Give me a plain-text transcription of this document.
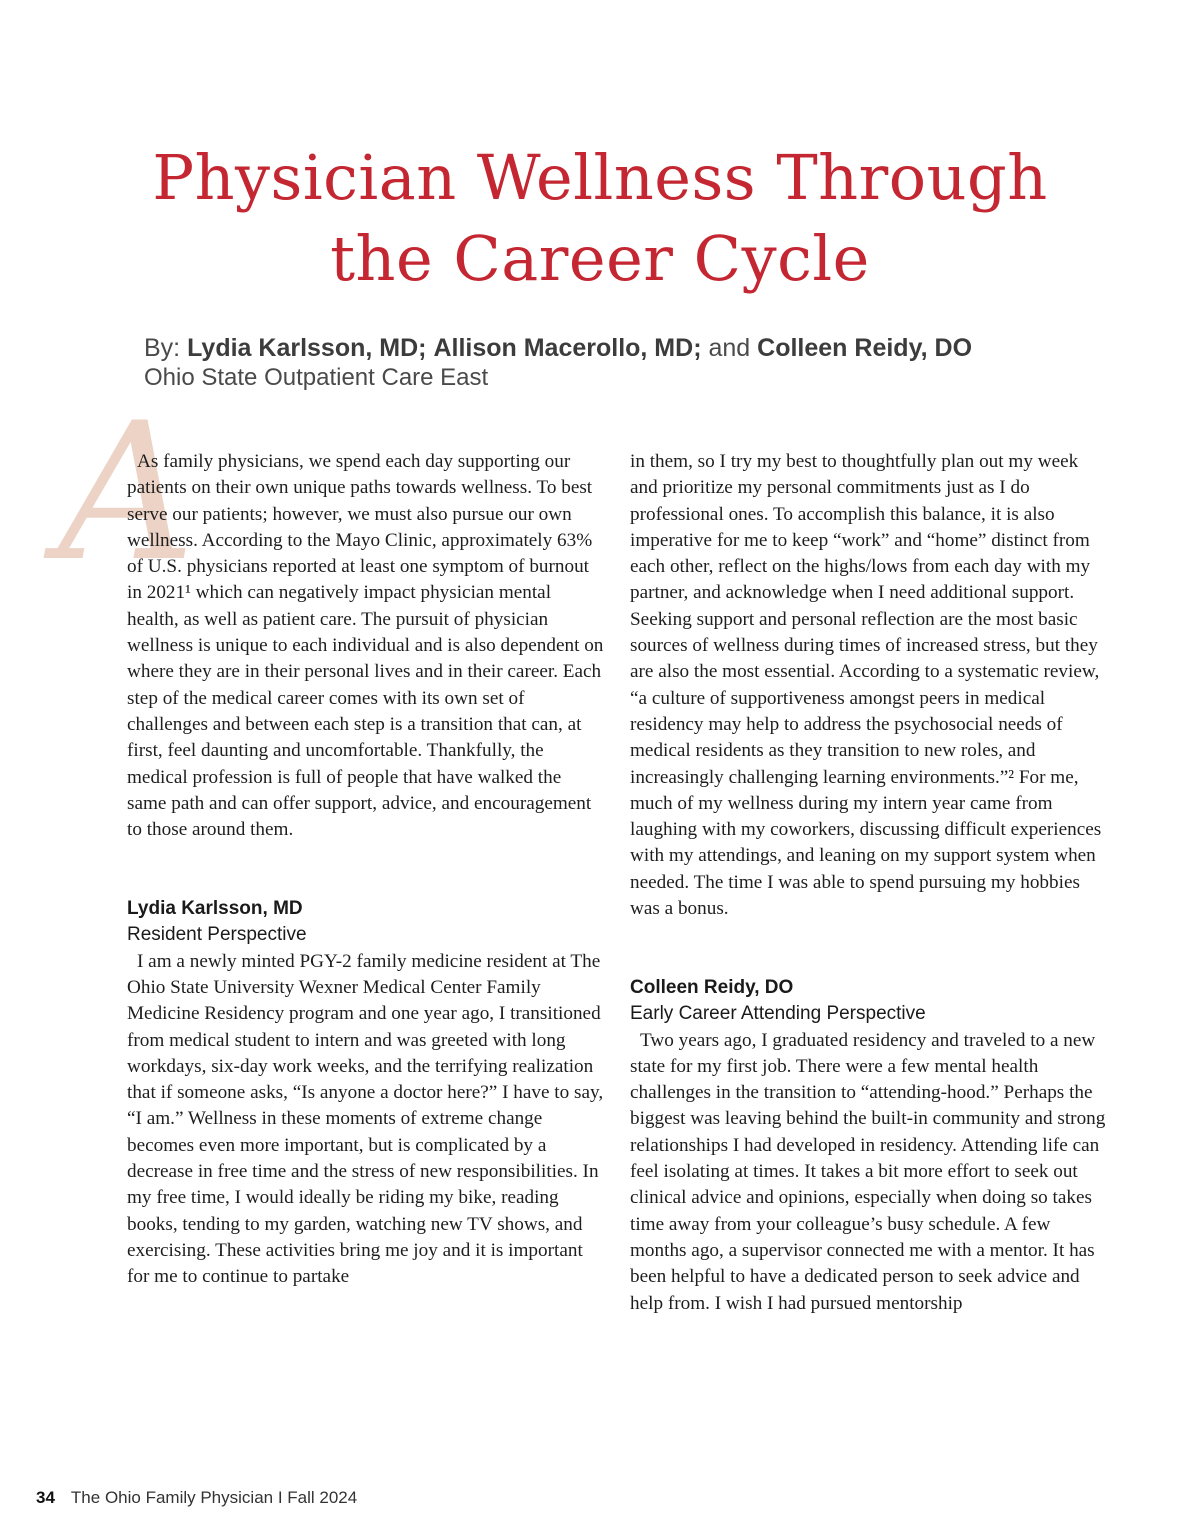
Physician Wellness Through
the Career Cycle

By: Lydia Karlsson, MD; Allison Macerollo, MD; and Colleen Reidy, DO

Ohio State Outpatient Care East

A

As family physicians, we spend each day supporting our patients on their own unique paths towards wellness. To best serve our patients; however, we must also pursue our own wellness. According to the Mayo Clinic, approximately 63% of U.S. physicians reported at least one symptom of burnout in 2021¹ which can negatively impact physician mental health, as well as patient care. The pursuit of physician wellness is unique to each individual and is also dependent on where they are in their personal lives and in their career. Each step of the medical career comes with its own set of challenges and between each step is a transition that can, at first, feel daunting and uncomfortable. Thankfully, the medical profession is full of people that have walked the same path and can offer support, advice, and encouragement to those around them.

Lydia Karlsson, MD
Resident Perspective

I am a newly minted PGY-2 family medicine resident at The Ohio State University Wexner Medical Center Family Medicine Residency program and one year ago, I transitioned from medical student to intern and was greeted with long workdays, six-day work weeks, and the terrifying realization that if someone asks, “Is anyone a doctor here?” I have to say, “I am.” Wellness in these moments of extreme change becomes even more important, but is complicated by a decrease in free time and the stress of new responsibilities. In my free time, I would ideally be riding my bike, reading books, tending to my garden, watching new TV shows, and exercising. These activities bring me joy and it is important for me to continue to partake

in them, so I try my best to thoughtfully plan out my week and prioritize my personal commitments just as I do professional ones. To accomplish this balance, it is also imperative for me to keep “work” and “home” distinct from each other, reflect on the highs/lows from each day with my partner, and acknowledge when I need additional support. Seeking support and personal reflection are the most basic sources of wellness during times of increased stress, but they are also the most essential. According to a systematic review, “a culture of supportiveness amongst peers in medical residency may help to address the psychosocial needs of medical residents as they transition to new roles, and increasingly challenging learning environments.”² For me, much of my wellness during my intern year came from laughing with my coworkers, discussing difficult experiences with my attendings, and leaning on my support system when needed. The time I was able to spend pursuing my hobbies was a bonus.

Colleen Reidy, DO
Early Career Attending Perspective

Two years ago, I graduated residency and traveled to a new state for my first job. There were a few mental health challenges in the transition to “attending-hood.” Perhaps the biggest was leaving behind the built-in community and strong relationships I had developed in residency. Attending life can feel isolating at times. It takes a bit more effort to seek out clinical advice and opinions, especially when doing so takes time away from your colleague’s busy schedule. A few months ago, a supervisor connected me with a mentor. It has been helpful to have a dedicated person to seek advice and help from. I wish I had pursued mentorship

34 The Ohio Family Physician I Fall 2024
